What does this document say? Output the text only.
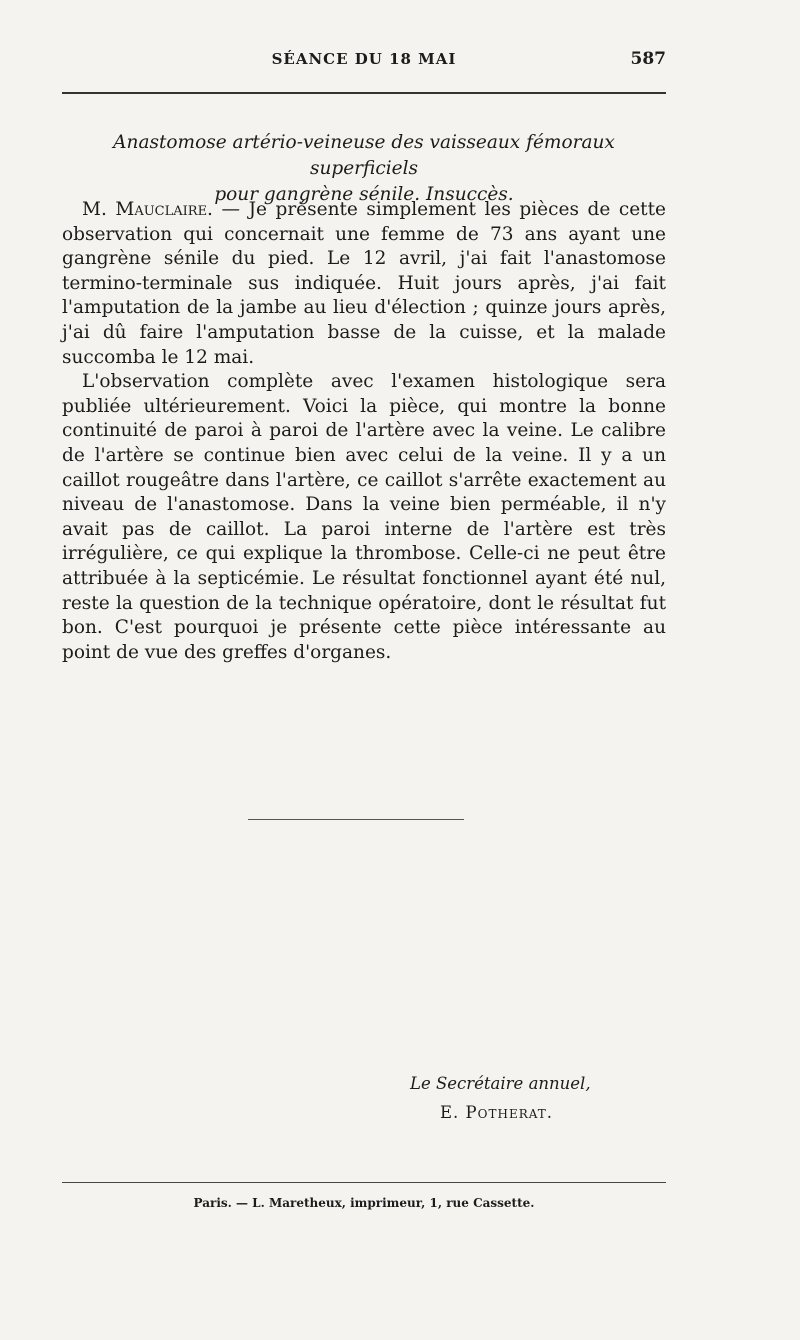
SÉANCE DU 18 MAI	587
Anastomose artério-veineuse des vaisseaux fémoraux superficiels
pour gangrène sénile. Insuccès.

M. Mauclaire. — Je présente simplement les pièces de cette observation qui concernait une femme de 73 ans ayant une gangrène sénile du pied. Le 12 avril, j'ai fait l'anastomose termino-terminale sus indiquée. Huit jours après, j'ai fait l'amputation de la jambe au lieu d'élection ; quinze jours après, j'ai dû faire l'amputation basse de la cuisse, et la malade succomba le 12 mai.

L'observation complète avec l'examen histologique sera publiée ultérieurement. Voici la pièce, qui montre la bonne continuité de paroi à paroi de l'artère avec la veine. Le calibre de l'artère se continue bien avec celui de la veine. Il y a un caillot rougeâtre dans l'artère, ce caillot s'arrête exactement au niveau de l'anastomose. Dans la veine bien perméable, il n'y avait pas de caillot. La paroi interne de l'artère est très irrégulière, ce qui explique la thrombose. Celle-ci ne peut être attribuée à la septicémie. Le résultat fonctionnel ayant été nul, reste la question de la technique opératoire, dont le résultat fut bon. C'est pourquoi je présente cette pièce intéressante au point de vue des greffes d'organes.

Le Secrétaire annuel,
E. Potherat.
Paris. — L. Maretheux, imprimeur, 1, rue Cassette.
